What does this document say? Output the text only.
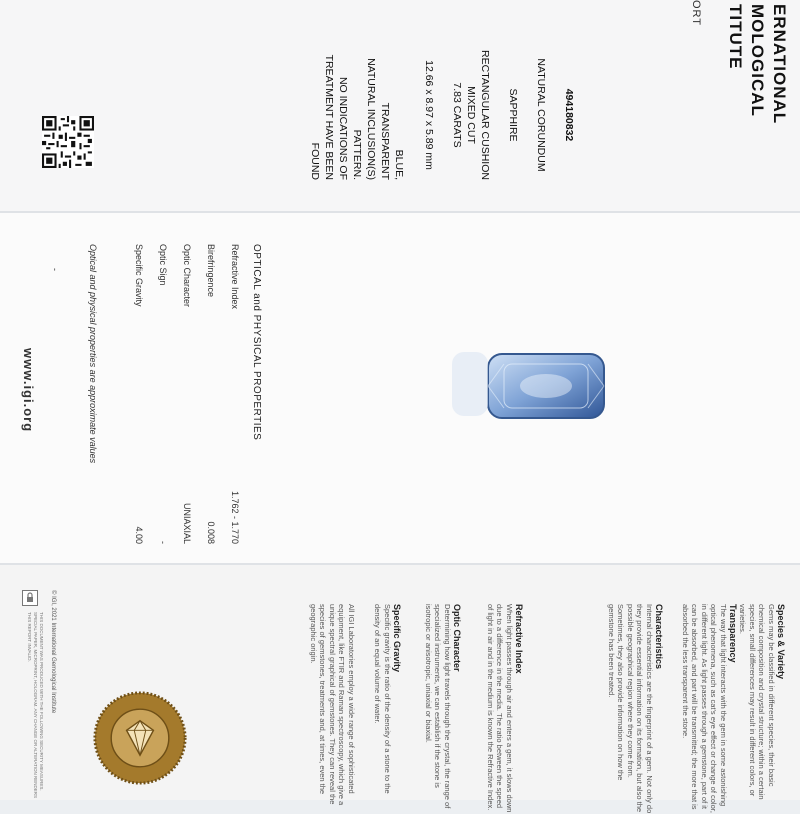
ERNATIONAL
MOLOGICAL
TITUTE
ORT
494180832
NATURAL CORUNDUM
SAPPHIRE
RECTANGULAR CUSHION
MIXED CUT
7.83 CARATS
12.66 x 8.97 x 5.89 mm
BLUE,
TRANSPARENT
NATURAL INCLUSION(S)
PATTERN.
NO INDICATIONS OF
TREATMENT HAVE BEEN
FOUND
OPTICAL and PHYSICAL PROPERTIES
Refractive Index
Birefringence
Optic Character
Optic Sign
Specific Gravity
1.762 - 1.770
0.008
UNIAXIAL
-
4.00
Optical and physical properties are approximate values
-
www.igi.org
Species & Variety
Gems may be classified in different species, their basic chemical composition and crystal structure; within a certain species, small differences may result in different colors, or varieties.
Transparency
The way that light interacts with the gem in some astonishing optical phenomena, such as cat's eye effect or change of color, in different light. As light passes through a gemstone, part of it can be absorbed, and part will be transmitted; the more that is absorbed the less transparent the stone.
Characteristics
Internal characteristics are the fingerprint of a gem. Not only do they provide essential information on its formation, but also the possible geographical region where they come from. Sometimes, they also provide information on how the gemstone has been treated.
Refractive Index
When light passes through air and enters a gem, it slows down due to a difference in the media. The ratio between the speed of light in air and in the medium is known the Refractive Index.
Optic Character
Determining how light travels through the crystal, the range of specialized instruments, we can establish if the stone is isotropic or anisotropic, uniaxial or biaxial.
Specific Gravity
Specific gravity is the ratio of the density of a stone to the density of an equal volume of water.
All IGI Laboratories employ a wide range of sophisticated equipment, like FTIR and Raman spectroscopy, which give a unique spectral graphical of gemstones. They can reveal the species of gemstones, treatments and, at times, even the geographic origin.
© IGI, 2021 International Gemological Institute
THIS DOCUMENT WAS PRODUCED WITH THE FOLLOWING SECURITY MEASURES. SPECIAL PAPER, MICROPRINT, HOLOGRAM. ANY CHANGE OR ALTERATION RENDERS THIS REPORT INVALID.
